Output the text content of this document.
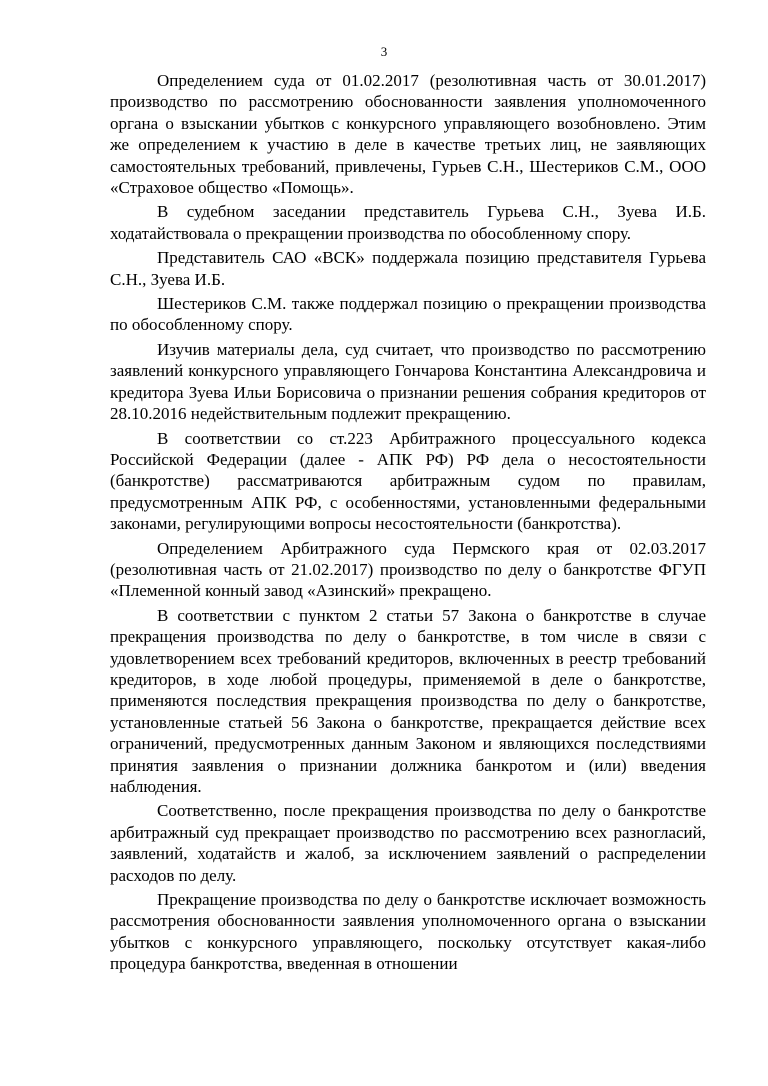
3

Определением суда от 01.02.2017 (резолютивная часть от 30.01.2017) производство по рассмотрению обоснованности заявления уполномоченного органа о взыскании убытков с конкурсного управляющего возобновлено. Этим же определением к участию в деле в качестве третьих лиц, не заявляющих самостоятельных требований, привлечены, Гурьев С.Н., Шестериков С.М., ООО «Страховое общество «Помощь».

В судебном заседании представитель Гурьева С.Н., Зуева И.Б. ходатайствовала о прекращении производства по обособленному спору.

Представитель САО «ВСК» поддержала позицию представителя Гурьева С.Н., Зуева И.Б.

Шестериков С.М. также поддержал позицию о прекращении производства по обособленному спору.

Изучив материалы дела, суд считает, что производство по рассмотрению заявлений конкурсного управляющего Гончарова Константина Александровича и кредитора Зуева Ильи Борисовича о признании решения собрания кредиторов от 28.10.2016 недействительным подлежит прекращению.

В соответствии со ст.223 Арбитражного процессуального кодекса Российской Федерации (далее - АПК РФ) РФ дела о несостоятельности (банкротстве) рассматриваются арбитражным судом по правилам, предусмотренным АПК РФ, с особенностями, установленными федеральными законами, регулирующими вопросы несостоятельности (банкротства).

Определением Арбитражного суда Пермского края от 02.03.2017 (резолютивная часть от 21.02.2017) производство по делу о банкротстве ФГУП «Племенной конный завод «Азинский» прекращено.

В соответствии с пунктом 2 статьи 57 Закона о банкротстве в случае прекращения производства по делу о банкротстве, в том числе в связи с удовлетворением всех требований кредиторов, включенных в реестр требований кредиторов, в ходе любой процедуры, применяемой в деле о банкротстве, применяются последствия прекращения производства по делу о банкротстве, установленные статьей 56 Закона о банкротстве, прекращается действие всех ограничений, предусмотренных данным Законом и являющихся последствиями принятия заявления о признании должника банкротом и (или) введения наблюдения.

Соответственно, после прекращения производства по делу о банкротстве арбитражный суд прекращает производство по рассмотрению всех разногласий, заявлений, ходатайств и жалоб, за исключением заявлений о распределении расходов по делу.

Прекращение производства по делу о банкротстве исключает возможность рассмотрения обоснованности заявления уполномоченного органа о взыскании убытков с конкурсного управляющего, поскольку отсутствует какая-либо процедура банкротства, введенная в отношении
